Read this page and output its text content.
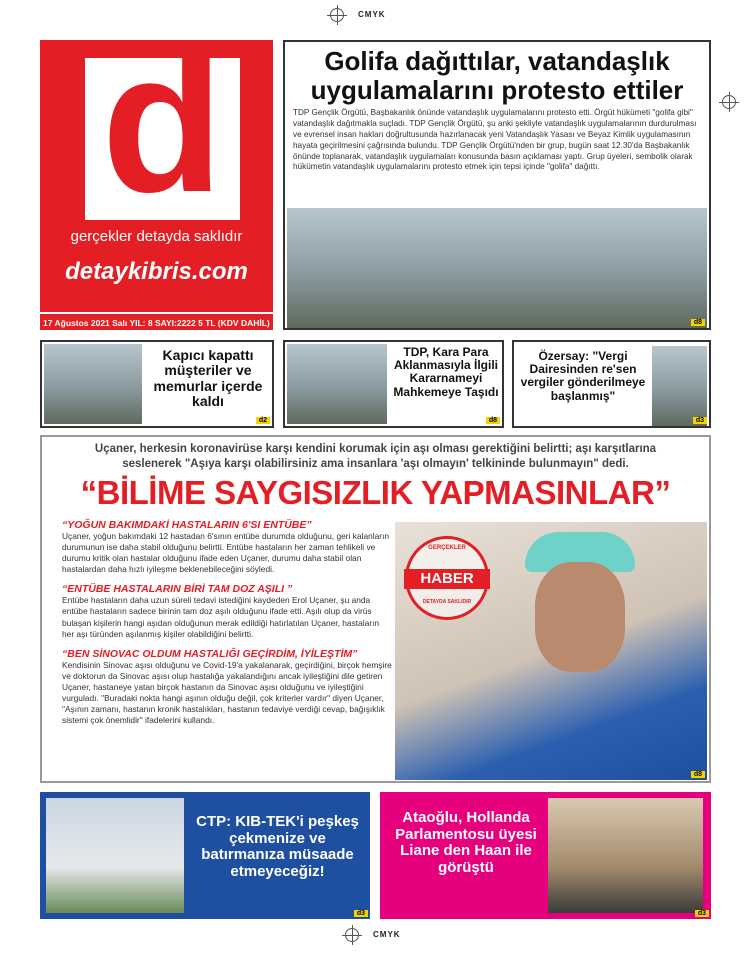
CMYK
d
gerçekler detayda saklıdır
detaykibris.com
17 Ağustos 2021 Salı YIL: 8 SAYI:2222 5 TL (KDV DAHİL)
Golifa dağıttılar, vatandaşlık uygulamalarını protesto ettiler
TDP Gençlik Örgütü, Başbakanlık önünde vatandaşlık uygulamalarını protesto etti. Örgüt hükümeti "golifa gibi" vatandaşlık dağıtmakla suçladı. TDP Gençlik Örgütü, şu anki şekliyle vatandaşlık uygulamalarının durdurulması ve evrensel insan hakları doğrultusunda hazırlanacak yeni Vatandaşlık Yasası ve Beyaz Kimlik uygulamasının hayata geçirilmesini çağrısında bulundu. TDP Gençlik Örgütü'nden bir grup, bugün saat 12.30'da Başbakanlık önünde toplanarak, vatandaşlık uygulamaları konusunda basın açıklaması yaptı. Grup üyeleri, sembolik olarak hükümetin vatandaşlık uygulamalarını protesto etmek için tepsi içinde "golifa" dağıttı.
d8
Kapıcı kapattı müşteriler ve memurlar içerde kaldı
d2
TDP, Kara Para Aklanmasıyla İlgili Kararnameyi Mahkemeye Taşıdı
d8
Özersay: "Vergi Dairesinden re'sen vergiler gönderilmeye başlanmış"
d3
Uçaner, herkesin koronavirüse karşı kendini korumak için aşı olması gerektiğini belirtti; aşı karşıtlarına seslenerek "Aşıya karşı olabilirsiniz ama insanlara 'aşı olmayın' telkininde bulunmayın" dedi.
“BİLİME SAYGISIZLIK YAPMASINLAR”
“YOĞUN BAKIMDAKİ HASTALARIN 6'SI ENTÜBE”
Uçaner, yoğun bakımdaki 12 hastadan 6'sının entübe durumda olduğunu, geri kalanların durumunun ise daha stabil olduğunu belirtti. Entübe hastaların her zaman tehlikeli ve durumu kritik olan hastalar olduğunu ifade eden Uçaner, durumu daha stabil olan hastalardan daha hızlı iyileşme beklenebileceğini söyledi.
“ENTÜBE HASTALARIN BİRİ TAM DOZ AŞILI ”
Entübe hastaların daha uzun süreli tedavi istediğini kaydeden Erol Uçaner, şu anda entübe hastaların sadece birinin tam doz aşılı olduğunu ifade etti. Aşılı olup da virüs bulaşan kişilerin hangi aşıdan olduğunun merak edildiği hatırlatılan Uçaner, hastaların her aşı türünden aşılanmış kişiler olabildiğini belirtti.
“BEN SİNOVAC OLDUM HASTALIĞI GEÇİRDİM, İYİLEŞTİM”
Kendisinin Sinovac aşısı olduğunu ve Covid-19'a yakalanarak, geçirdiğini, birçok hemşire ve doktorun da Sinovac aşısı olup hastalığa yakalandığını ancak iyileştiğini dile getiren Uçaner, hastaneye yatan birçok hastanın da Sinovac aşısı olduğunu ve iyileştiğini vurguladı. "Buradaki nokta hangi aşının olduğu değil, çok kriterler vardır" diyen Uçaner, "Aşının zamanı, hastanın kronik hastalıkları, hastanın tedaviye verdiği cevap, bağışıklık sistemi çok önemlidir" ifadelerini kullandı.
GERÇEKLER
HABER
DETAYDA SAKLIDIR
d8
CTP: KIB-TEK'i peşkeş çekmenize ve batırmanıza müsaade etmeyeceğiz!
d3
Ataoğlu, Hollanda Parlamentosu üyesi Liane den Haan ile görüştü
d3
CMYK
